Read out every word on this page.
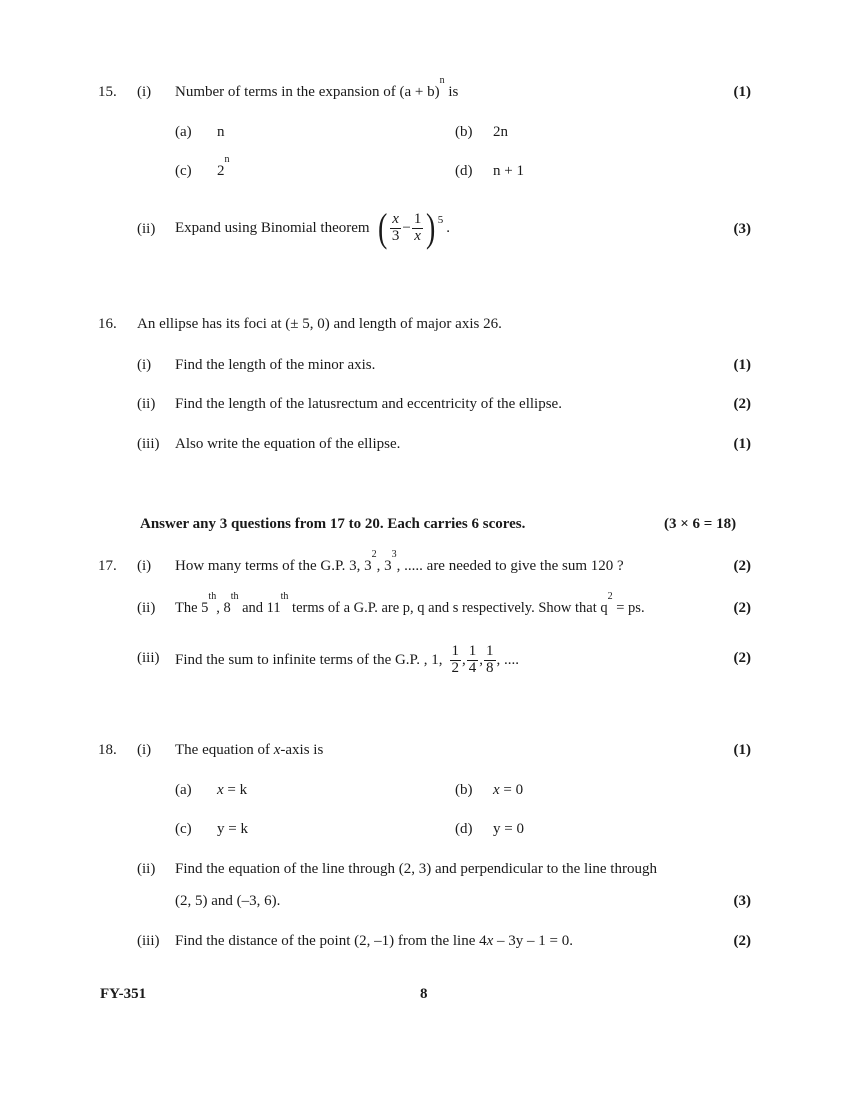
15. (i) Number of terms in the expansion of $(a + b)^n$ is	(1)
(a) n	(b) 2n
(c) 2$^n$
(d) n + 1
(ii) Expand using Binomial theorem ( $\frac{x}{3} - \frac{1}{x}$ ) 5 .	(3)
16. An ellipse has its foci at (± 5, 0) and length of major axis 26.
(i) Find the length of the minor axis.	(1)
(ii) Find the length of the latusrectum and eccentricity of the ellipse.	(2)
(iii) Also write the equation of the ellipse.	(1)
Answer any 3 questions from 17 to 20. Each carries 6 scores.	(3 × 6 = 18)
17. (i) How many terms of the G.P. 3, $3^2$, $3^3$, ..... are needed to give the sum 120 ?	(2)
(ii) The 5th, 8th and 11th terms of a G.P. are p, q and s respectively. Show that $q^2$ = ps.	(2)
(iii) Find the sum to infinite terms of the G.P. , 1, $\frac{1}{2}$ , $\frac{1}{4}$ , $\frac{1}{8}$ , ....	(2)
18. (i) The equation of x-axis is	(1)
(a) x = k	(b) x = 0
(c) y = k	(d) y = 0
(ii) Find the equation of the line through (2, 3) and perpendicular to the line through
(2, 5) and (–3, 6).	(3)
(iii) Find the distance of the point (2, –1) from the line 4x – 3y – 1 = 0.	(2)
FY-351	8
